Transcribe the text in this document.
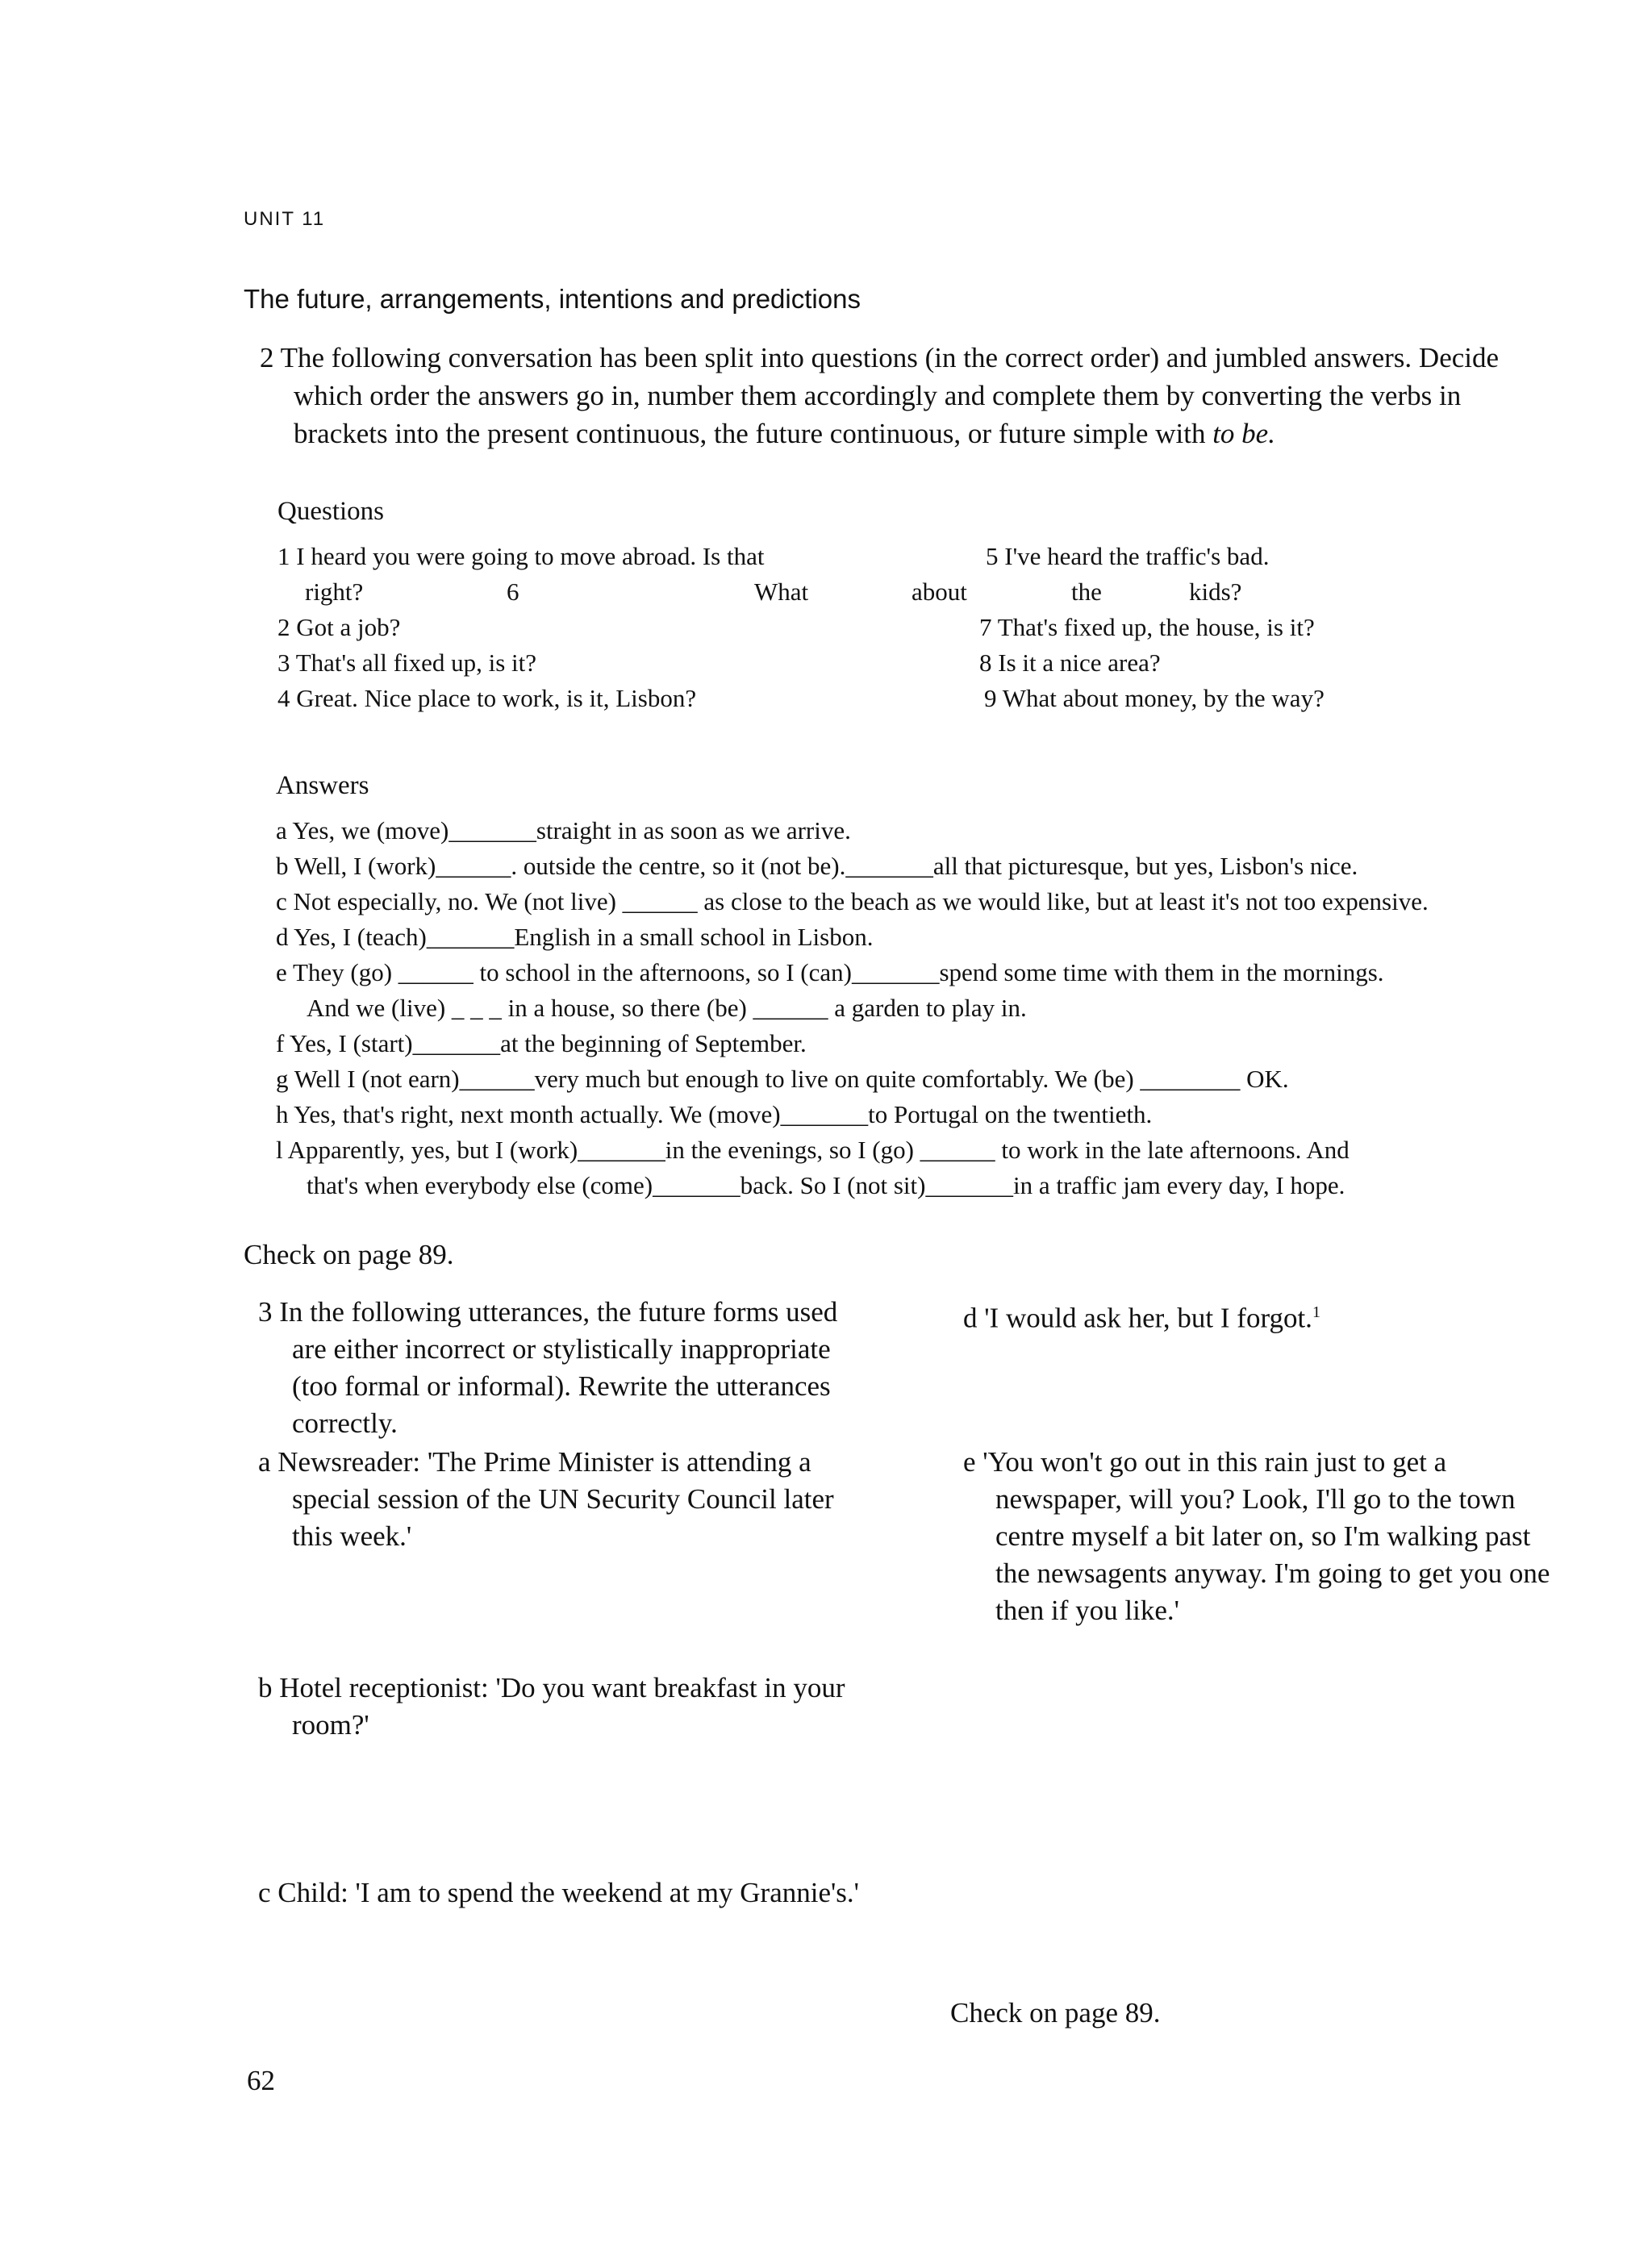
UNIT 11
The future, arrangements, intentions and predictions
2 The following conversation has been split into questions (in the correct order) and jumbled answers. Decide
which order the answers go in, number them accordingly and complete them by converting the verbs in
brackets into the present continuous, the future continuous, or future simple with to be.
Questions
1 I heard you were going to move abroad. Is that
right?
2 Got a job?
3 That's all fixed up, is it?
4 Great. Nice place to work, is it, Lisbon?
6	What	about	the	kids?
5 I've heard the traffic's bad.
7 That's fixed up, the house, is it?
8 Is it a nice area?
9 What about money, by the way?
Answers
a Yes, we (move)_______straight in as soon as we arrive.
b Well, I (work)______. outside the centre, so it (not be)._______all that picturesque, but yes, Lisbon's nice.
c Not especially, no. We (not live) ______ as close to the beach as we would like, but at least it's not too expensive.
d Yes, I (teach)_______English in a small school in Lisbon.
e They (go) ______ to school in the afternoons, so I (can)_______spend some time with them in the mornings.
And we (live) _ _ _ in a house, so there (be) ______ a garden to play in.
f Yes, I (start)_______at the beginning of September.
g Well I (not earn)______very much but enough to live on quite comfortably. We (be) ________ OK.
h Yes, that's right, next month actually. We (move)_______to Portugal on the twentieth.
l Apparently, yes, but I (work)_______in the evenings, so I (go) ______ to work in the late afternoons. And
that's when everybody else (come)_______back. So I (not sit)_______in a traffic jam every day, I hope.
Check on page 89.
3 In the following utterances, the future forms used
are either incorrect or stylistically inappropriate
(too formal or informal). Rewrite the utterances
correctly.
a Newsreader: 'The Prime Minister is attending a
special session of the UN Security Council later
this week.'
b Hotel receptionist: 'Do you want breakfast in your
room?'
c Child: 'I am to spend the weekend at my Grannie's.'
d 'I would ask her, but I forgot.$^1$
e 'You won't go out in this rain just to get a
newspaper, will you? Look, I'll go to the town
centre myself a bit later on, so I'm walking past
the newsagents anyway. I'm going to get you one
then if you like.'
Check on page 89.
62
